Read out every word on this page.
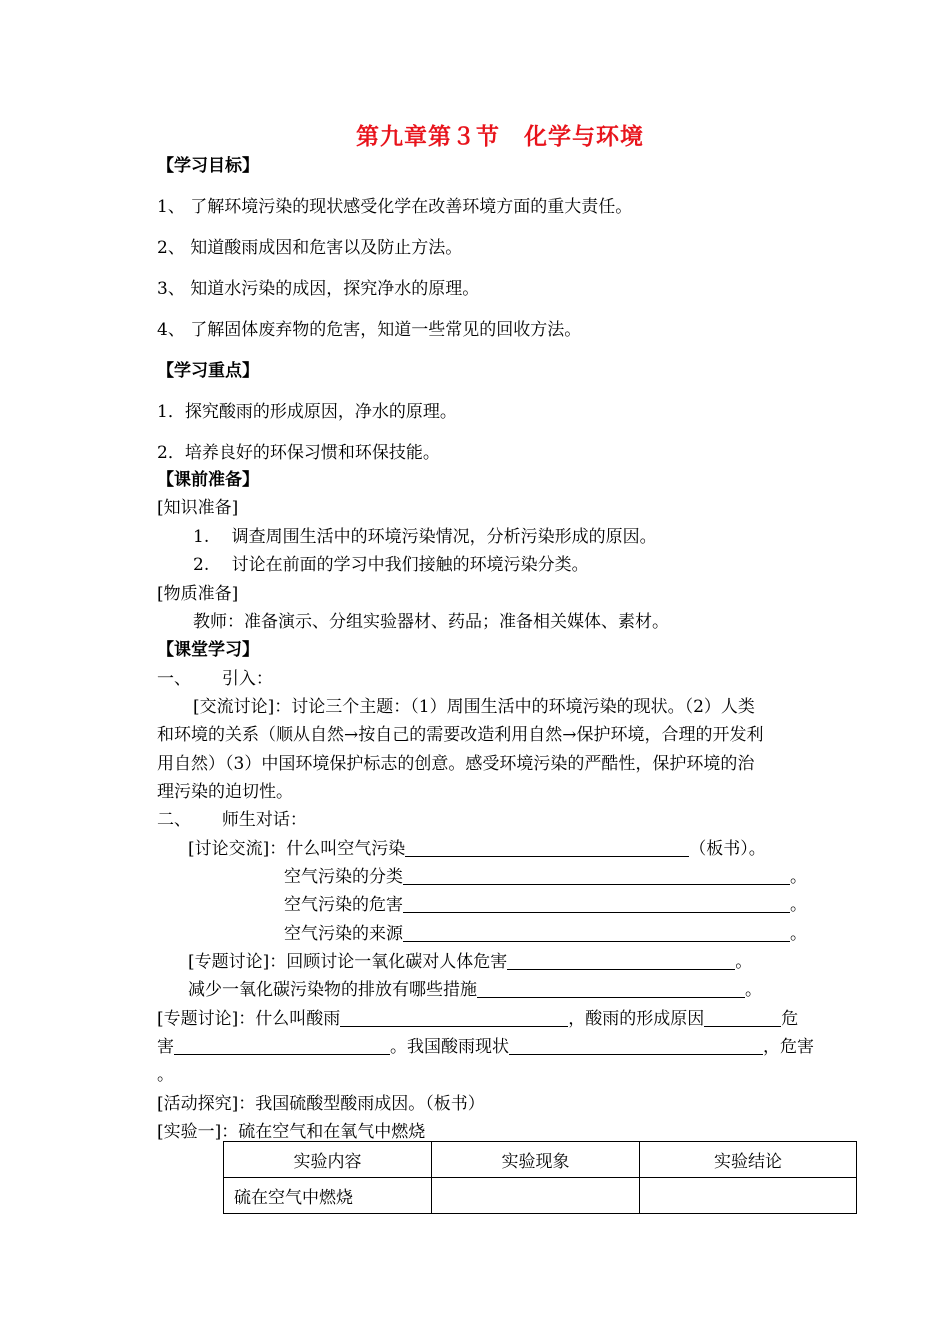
第九章第３节　化学与环境
【学习目标】
1、 了解环境污染的现状感受化学在改善环境方面的重大责任。
2、 知道酸雨成因和危害以及防止方法。
3、 知道水污染的成因，探究净水的原理。
4、 了解固体废弃物的危害，知道一些常见的回收方法。
【学习重点】
1．探究酸雨的形成原因，净水的原理。
2．培养良好的环保习惯和环保技能。
【课前准备】
[知识准备]
1.　 调查周围生活中的环境污染情况，分析污染形成的原因。
2.　 讨论在前面的学习中我们接触的环境污染分类。
[物质准备]
教师：准备演示、分组实验器材、药品；准备相关媒体、素材。
【课堂学习】
一、　　 引入：
[交流讨论]：讨论三个主题：（1）周围生活中的环境污染的现状。（2）人类
和环境的关系（顺从自然→按自己的需要改造利用自然→保护环境，合理的开发利
用自然）（3）中国环境保护标志的创意。感受环境污染的严酷性，保护环境的治
理污染的迫切性。
二、　　 师生对话：
[讨论交流]：什么叫空气污染	（板书）。
空气污染的分类	。
空气污染的危害	。
空气污染的来源	。
[专题讨论]：回顾讨论一氧化碳对人体危害	。
减少一氧化碳污染物的排放有哪些措施	。
[专题讨论]：什么叫酸雨	，酸雨的形成原因	危
害	。我国酸雨现状	，危害
。
[活动探究]：我国硫酸型酸雨成因。（板书）
[实验一]：硫在空气和在氧气中燃烧
实验内容	实验现象	实验结论
硫在空气中燃烧		
